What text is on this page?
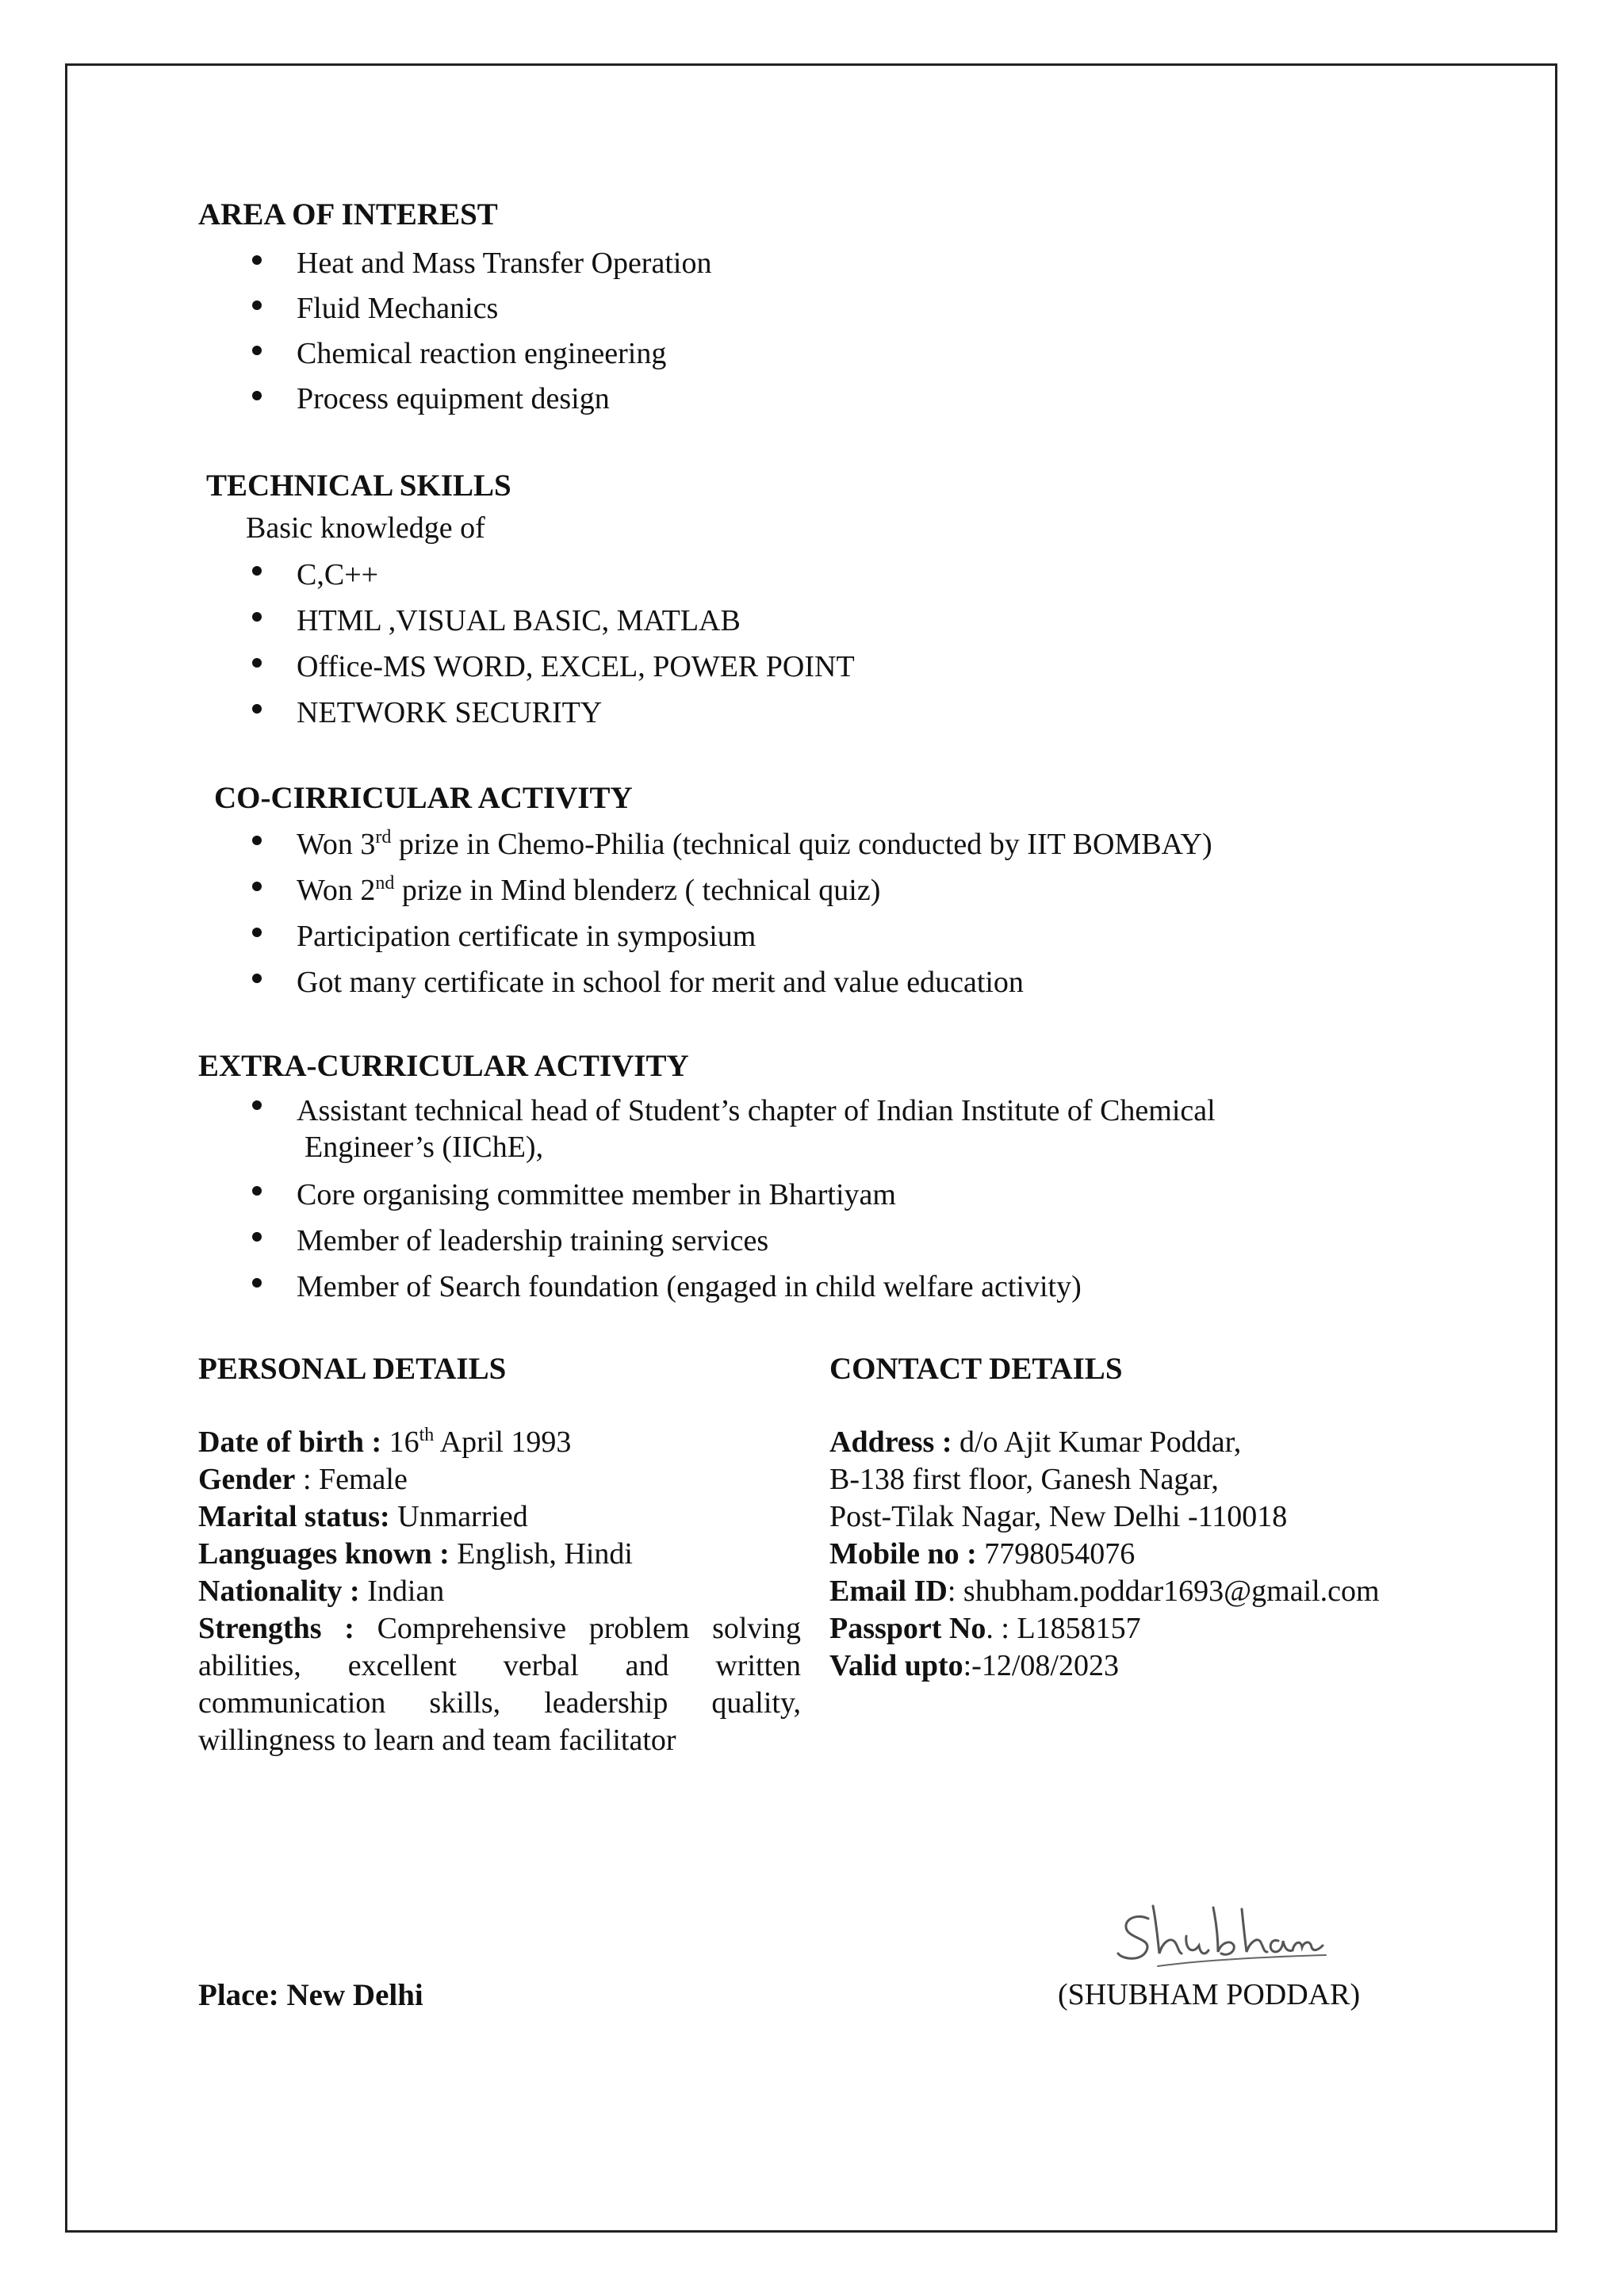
AREA OF INTEREST
Heat and Mass Transfer Operation
Fluid Mechanics
Chemical reaction engineering
Process equipment design
TECHNICAL SKILLS
Basic knowledge of
C,C++
HTML ,VISUAL BASIC, MATLAB
Office-MS WORD, EXCEL, POWER POINT
NETWORK SECURITY
CO-CIRRICULAR ACTIVITY
Won 3rd prize in Chemo-Philia (technical quiz conducted by IIT BOMBAY)
Won 2nd prize in Mind blenderz ( technical quiz)
Participation certificate in symposium
Got many certificate in school for merit and value education
EXTRA-CURRICULAR ACTIVITY
Assistant technical head of Student’s chapter of Indian Institute of Chemical
Engineer’s (IIChE),
Core organising committee member in Bhartiyam
Member of leadership training services
Member of Search foundation (engaged in child welfare activity)
PERSONAL DETAILS
Date of birth : 16th April 1993
Gender : Female
Marital status: Unmarried
Languages known : English, Hindi
Nationality : Indian
Strengths : Comprehensive problem solving abilities, excellent verbal and written communication skills, leadership quality, willingness to learn and team facilitator
CONTACT DETAILS
Address : d/o Ajit Kumar Poddar,
B-138 first floor, Ganesh Nagar,
Post-Tilak Nagar, New Delhi -110018
Mobile no : 7798054076
Email ID: shubham.poddar1693@gmail.com
Passport No. : L1858157
Valid upto:-12/08/2023
Place: New Delhi	(SHUBHAM PODDAR)
